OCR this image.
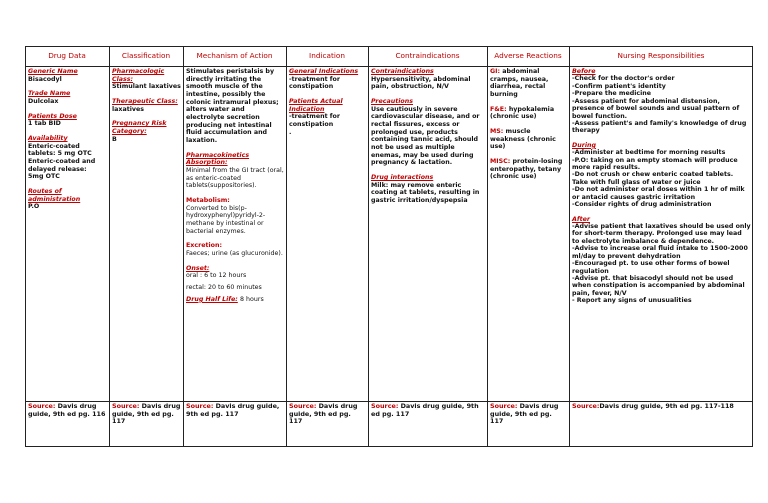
Drug Data
Generic Name
Bisacodyl
Trade Name
Dulcolax
Patients Dose
1 tab BID
Availability
Enteric-coated
tablets: 5 mg OTC
Enteric-coated and
delayed release:
5mg OTC
Routes of administration
P.O
Source: Davis drug guide, 9th ed pg. 116
Classification
Pharmacologic Class:
Stimulant laxatives
Therapeutic Class:
laxatives
Pregnancy Risk Category:
B
Source: Davis drug guide, 9th ed pg. 117
Mechanism of Action
Stimulates peristalsis by directly irritating the smooth muscle of the intestine, possibly the colonic intramural plexus; alters water and electrolyte secretion producing net intestinal fluid accumulation and laxation.
Pharmacokinetics Absorption:
Minimal from the GI tract (oral, as enteric-coated tablets(suppositories).
Metabolism:
Converted to bis(p-hydroxyphenyl)pyridyl-2-methane by intestinal or bacterial enzymes.
Excretion:
Faeces; urine (as glucuronide).
Onset:
oral : 6 to 12 hours
rectal: 20 to 60 minutes
Drug Half Life: 8 hours
Source: Davis drug guide, 9th ed pg. 117
Indication
General Indications
-treatment for constipation
Patients Actual Indication
-treatment for constipation
.
Source: Davis drug guide, 9th ed pg. 117
Contraindications
Contraindications
Hypersensitivity, abdominal pain, obstruction, N/V
Precautions
Use cautiously in severe cardiovascular disease, and or rectal fissures, excess or prolonged use, products containing tannic acid, should not be used as multiple enemas, may be used during pregnancy & lactation.
Drug interactions
Milk: may remove enteric coating at tablets, resulting in gastric irritation/dyspepsia
Source: Davis drug guide, 9th ed pg. 117
Adverse Reactions
GI: abdominal cramps, nausea, diarrhea, rectal burning
F&E: hypokalemia (chronic use)
MS: muscle weakness (chronic use)
MISC: protein-losing enteropathy, tetany (chronic use)
Source: Davis drug guide, 9th ed pg. 117
Nursing Responsibilities
Before
-Check for the doctor's order
-Confirm patient's identity
-Prepare the medicine
-Assess patient for abdominal distension, presence of bowel sounds and usual pattern of bowel function.
-Assess patient's and family's knowledge of drug therapy
During
-Administer at bedtime for morning results
-P.O: taking on an empty stomach will produce more rapid results.
-Do not crush or chew enteric coated tablets. Take with full glass of water or juice
-Do not administer oral doses within 1 hr of milk or antacid causes gastric irritation
-Consider rights of drug administration
After
-Advise patient that laxatives should be used only for short-term therapy. Prolonged use may lead to electrolyte imbalance & dependence.
-Advise to increase oral fluid intake to 1500-2000 ml/day to prevent dehydration
-Encouraged pt. to use other forms of bowel regulation
-Advise pt. that bisacodyl should not be used when constipation is accompanied by abdominal pain, fever, N/V
- Report any signs of unusualities
Source:Davis drug guide, 9th ed pg. 117-118
